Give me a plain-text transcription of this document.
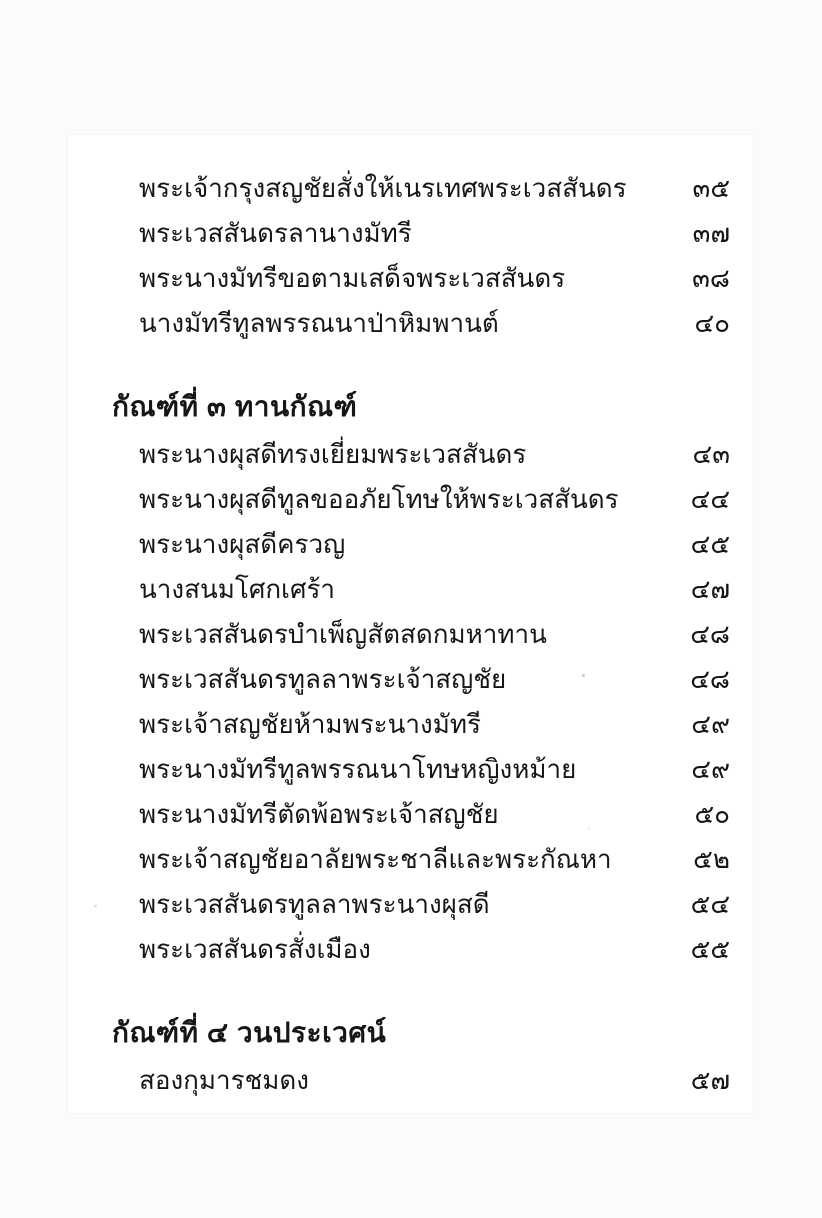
พระเจ้ากรุงสญชัยสั่งให้เนรเทศพระเวสสันดร	๓๕
พระเวสสันดรลานางมัทรี	๓๗
พระนางมัทรีขอตามเสด็จพระเวสสันดร	๓๘
นางมัทรีทูลพรรณนาป่าหิมพานต์	๔๐
กัณฑ์ที่ ๓ ทานกัณฑ์
พระนางผุสดีทรงเยี่ยมพระเวสสันดร	๔๓
พระนางผุสดีทูลขออภัยโทษให้พระเวสสันดร	๔๔
พระนางผุสดีครวญ	๔๕
นางสนมโศกเศร้า	๔๗
พระเวสสันดรบำเพ็ญสัตสดกมหาทาน	๔๘
พระเวสสันดรทูลลาพระเจ้าสญชัย	๔๘
พระเจ้าสญชัยห้ามพระนางมัทรี	๔๙
พระนางมัทรีทูลพรรณนาโทษหญิงหม้าย	๔๙
พระนางมัทรีตัดพ้อพระเจ้าสญชัย	๕๐
พระเจ้าสญชัยอาลัยพระชาลีและพระกัณหา	๕๒
พระเวสสันดรทูลลาพระนางผุสดี	๕๔
พระเวสสันดรสั่งเมือง	๕๕
กัณฑ์ที่ ๔ วนประเวศน์
สองกุมารชมดง	๕๗
